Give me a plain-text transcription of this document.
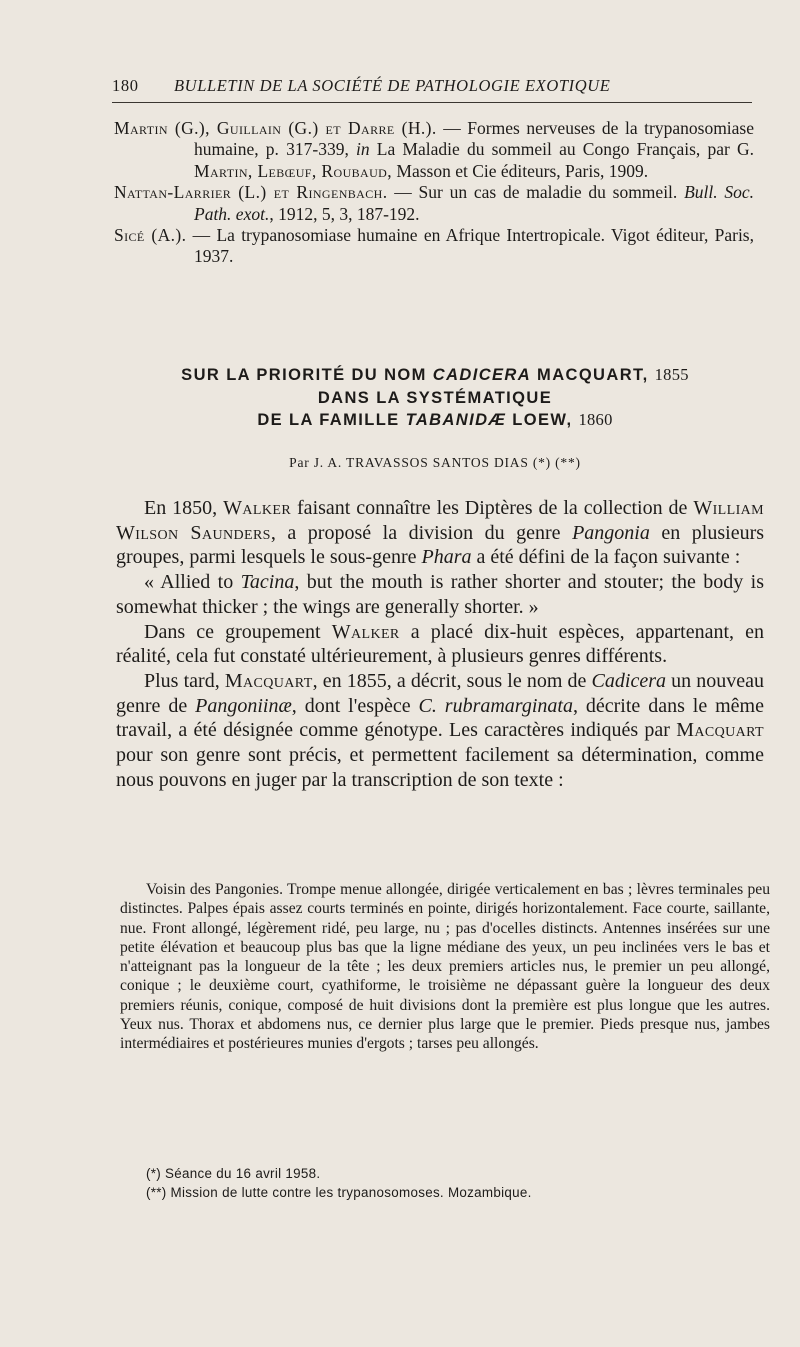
180 BULLETIN DE LA SOCIÉTÉ DE PATHOLOGIE EXOTIQUE

Martin (G.), Guillain (G.) et Darre (H.). — Formes nerveuses de la trypanosomiase humaine, p. 317-339, in La Maladie du sommeil au Congo Français, par G. Martin, Lebœuf, Roubaud, Masson et Cie éditeurs, Paris, 1909.

Nattan-Larrier (L.) et Ringenbach. — Sur un cas de maladie du sommeil. Bull. Soc. Path. exot., 1912, 5, 3, 187-192.

Sicé (A.). — La trypanosomiase humaine en Afrique Intertropicale. Vigot éditeur, Paris, 1937.

SUR LA PRIORITÉ DU NOM CADICERA MACQUART, 1855

DANS LA SYSTÉMATIQUE

DE LA FAMILLE TABANIDÆ LOEW, 1860

Par J. A. TRAVASSOS SANTOS DIAS (*) (**)

En 1850, Walker faisant connaître les Diptères de la collection de William Wilson Saunders, a proposé la division du genre Pangonia en plusieurs groupes, parmi lesquels le sous-genre Phara a été défini de la façon suivante :

« Allied to Tacina, but the mouth is rather shorter and stouter; the body is somewhat thicker ; the wings are generally shorter. »

Dans ce groupement Walker a placé dix-huit espèces, appartenant, en réalité, cela fut constaté ultérieurement, à plusieurs genres différents.

Plus tard, Macquart, en 1855, a décrit, sous le nom de Cadicera un nouveau genre de Pangoniinæ, dont l'espèce C. rubramarginata, décrite dans le même travail, a été désignée comme génotype. Les caractères indiqués par Macquart pour son genre sont précis, et permettent facilement sa détermination, comme nous pouvons en juger par la transcription de son texte :

Voisin des Pangonies. Trompe menue allongée, dirigée verticalement en bas ; lèvres terminales peu distinctes. Palpes épais assez courts terminés en pointe, dirigés horizontalement. Face courte, saillante, nue. Front allongé, légèrement ridé, peu large, nu ; pas d'ocelles distincts. Antennes insérées sur une petite élévation et beaucoup plus bas que la ligne médiane des yeux, un peu inclinées vers le bas et n'atteignant pas la longueur de la tête ; les deux premiers articles nus, le premier un peu allongé, conique ; le deuxième court, cyathiforme, le troisième ne dépassant guère la longueur des deux premiers réunis, conique, composé de huit divisions dont la première est plus longue que les autres. Yeux nus. Thorax et abdomens nus, ce dernier plus large que le premier. Pieds presque nus, jambes intermédiaires et postérieures munies d'ergots ; tarses peu allongés.

(*) Séance du 16 avril 1958.

(**) Mission de lutte contre les trypanosomoses. Mozambique.
